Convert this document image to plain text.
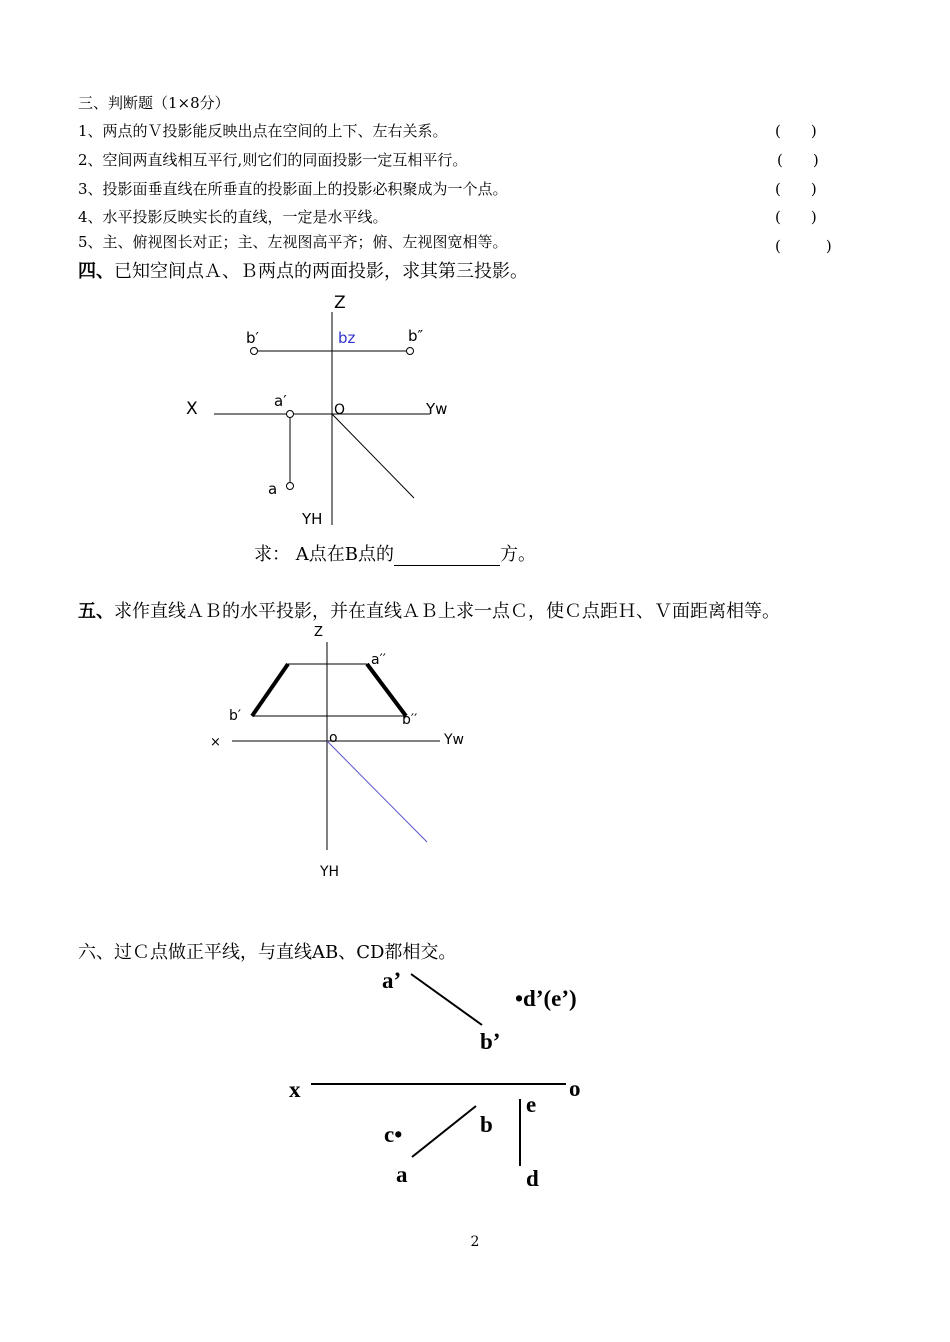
三、判断题（1×8分）
1、两点的Ｖ投影能反映出点在空间的上下、左右关系。	(　　)
2、空间两直线相互平行,则它们的同面投影一定互相平行。	(　　)
3、投影面垂直线在所垂直的投影面上的投影必积聚成为一个点。	(　　)
4、水平投影反映实长的直线，一定是水平线。	(　　)
5、主、俯视图长对正；主、左视图高平齐；俯、左视图宽相等。	(　　　)
四、已知空间点Ａ、Ｂ两点的两面投影，求其第三投影。
五、求作直线ＡＢ的水平投影，并在直线ＡＢ上求一点Ｃ，使Ｃ点距Ｈ、Ｖ面距离相等。
求： A点在B点的	方。
六、过Ｃ点做正平线，与直线AB、CD都相交。
Z
bz
b′	b″
X	a′	O	Yw
a
YH
Z
a′′
b′	b′′
×	o	Yw
YH
a’
•d’(e’)
b’
x	o
b
e
c•
a	d
2
